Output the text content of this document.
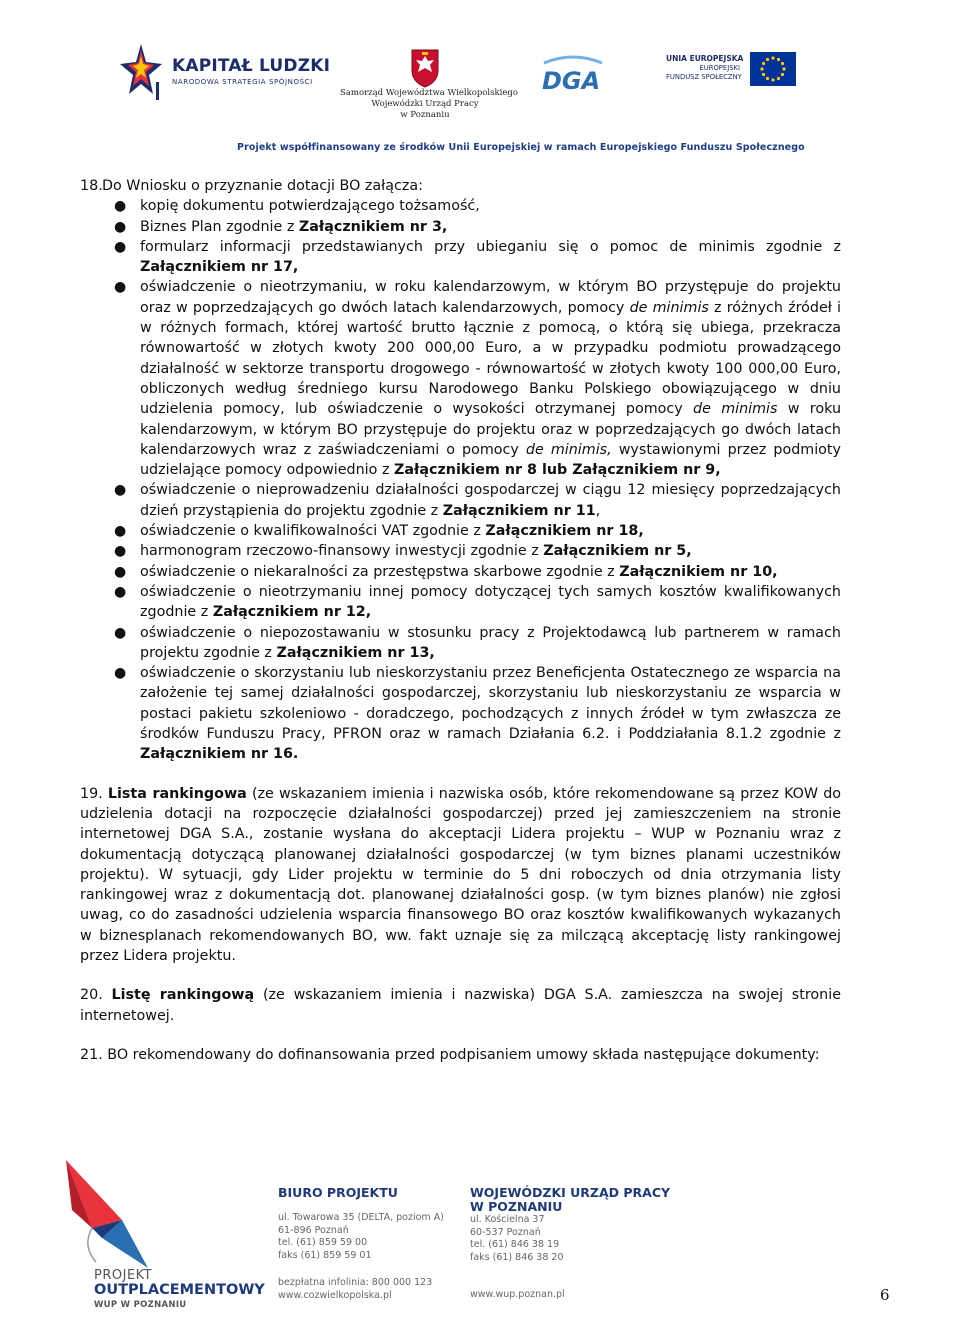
KAPITAŁ LUDZKI
NARODOWA STRATEGIA SPÓJNOŚCI
Samorząd Województwa Wielkopolskiego
Wojewódzki Urząd Pracy
w Poznaniu
DGA
UNIA EUROPEJSKA
EUROPEJSKI
FUNDUSZ SPOŁECZNY
Projekt współfinansowany ze środków Unii Europejskiej w ramach Europejskiego Funduszu Społecznego

18.Do Wniosku o przyznanie dotacji BO załącza:

● kopię dokumentu potwierdzającego tożsamość,
● Biznes Plan zgodnie z Załącznikiem nr 3,
● formularz informacji przedstawianych przy ubieganiu się o pomoc de minimis zgodnie z Załącznikiem nr 17,
● oświadczenie o nieotrzymaniu, w roku kalendarzowym, w którym BO przystępuje do projektu oraz w poprzedzających go dwóch latach kalendarzowych, pomocy de minimis z różnych źródeł i w różnych formach, której wartość brutto łącznie z pomocą, o którą się ubiega, przekracza równowartość w złotych kwoty 200 000,00 Euro, a w przypadku podmiotu prowadzącego działalność w sektorze transportu drogowego - równowartość w złotych kwoty 100 000,00 Euro, obliczonych według średniego kursu Narodowego Banku Polskiego obowiązującego w dniu udzielenia pomocy, lub oświadczenie o wysokości otrzymanej pomocy de minimis w roku kalendarzowym, w którym BO przystępuje do projektu oraz w poprzedzających go dwóch latach kalendarzowych wraz z zaświadczeniami o pomocy de minimis, wystawionymi przez podmioty udzielające pomocy odpowiednio z Załącznikiem nr 8 lub Załącznikiem nr 9,
● oświadczenie o nieprowadzeniu działalności gospodarczej w ciągu 12 miesięcy poprzedzających dzień przystąpienia do projektu zgodnie z Załącznikiem nr 11,
● oświadczenie o kwalifikowalności VAT zgodnie z Załącznikiem nr 18,
● harmonogram rzeczowo-finansowy inwestycji zgodnie z Załącznikiem nr 5,
● oświadczenie o niekaralności za przestępstwa skarbowe zgodnie z Załącznikiem nr 10,
● oświadczenie o nieotrzymaniu innej pomocy dotyczącej tych samych kosztów kwalifikowanych zgodnie z Załącznikiem nr 12,
● oświadczenie o niepozostawaniu w stosunku pracy z Projektodawcą lub partnerem w ramach projektu zgodnie z Załącznikiem nr 13,
● oświadczenie o skorzystaniu lub nieskorzystaniu przez Beneficjenta Ostatecznego ze wsparcia na założenie tej samej działalności gospodarczej, skorzystaniu lub nieskorzystaniu ze wsparcia w postaci pakietu szkoleniowo - doradczego, pochodzących z innych źródeł w tym zwłaszcza ze środków Funduszu Pracy, PFRON oraz w ramach Działania 6.2. i Poddziałania 8.1.2 zgodnie z Załącznikiem nr 16.

19. Lista rankingowa (ze wskazaniem imienia i nazwiska osób, które rekomendowane są przez KOW do udzielenia dotacji na rozpoczęcie działalności gospodarczej) przed jej zamieszczeniem na stronie internetowej DGA S.A., zostanie wysłana do akceptacji Lidera projektu – WUP w Poznaniu wraz z dokumentacją dotyczącą planowanej działalności gospodarczej (w tym biznes planami uczestników projektu). W sytuacji, gdy Lider projektu w terminie do 5 dni roboczych od dnia otrzymania listy rankingowej wraz z dokumentacją dot. planowanej działalności gosp. (w tym biznes planów) nie zgłosi uwag, co do zasadności udzielenia wsparcia finansowego BO oraz kosztów kwalifikowanych wykazanych w biznesplanach rekomendowanych BO, ww. fakt uznaje się za milczącą akceptację listy rankingowej przez Lidera projektu.

20. Listę rankingową (ze wskazaniem imienia i nazwiska) DGA S.A. zamieszcza na swojej stronie internetowej.

21. BO rekomendowany do dofinansowania przed podpisaniem umowy składa następujące dokumenty:

PROJEKT
OUTPLACEMENTOWY
WUP W POZNANIU
BIURO PROJEKTU
ul. Towarowa 35 (DELTA, poziom A)
61-896 Poznań
tel. (61) 859 59 00
faks (61) 859 59 01
WOJEWÓDZKI URZĄD PRACY
W POZNANIU
ul. Kościelna 37
60-537 Poznań
tel. (61) 846 38 19
faks (61) 846 38 20
bezpłatna infolinia: 800 000 123
www.cozwielkopolska.pl	www.wup.poznan.pl	6
